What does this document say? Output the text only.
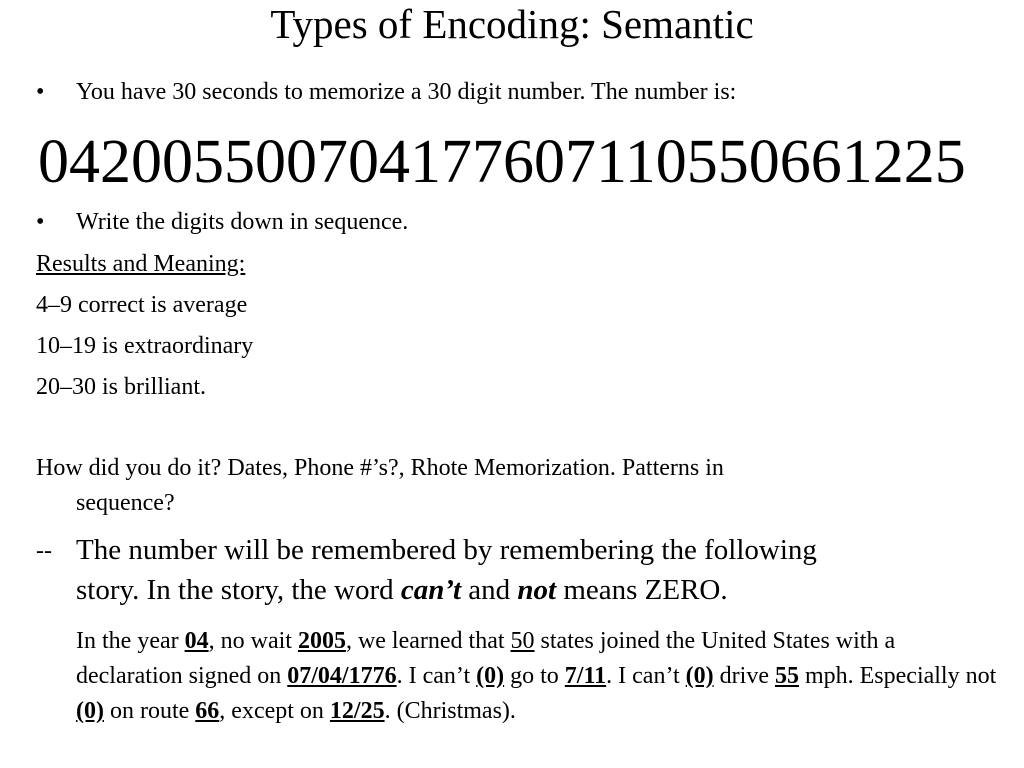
Types of Encoding: Semantic
• You have 30 seconds to memorize a 30 digit number. The number is:
042005500704177607110550661225
• Write the digits down in sequence.
Results and Meaning:
4–9 correct is average
10–19 is extraordinary
20–30 is brilliant.
How did you do it? Dates, Phone #’s?, Rhote Memorization. Patterns in
sequence?
-- The number will be remembered by remembering the following
story. In the story, the word can’t and not means ZERO.
In the year 04, no wait 2005, we learned that 50 states joined the United States with a declaration signed on 07/04/1776. I can’t (0) go to 7/11. I can’t (0) drive 55 mph. Especially not (0) on route 66, except on 12/25. (Christmas).
